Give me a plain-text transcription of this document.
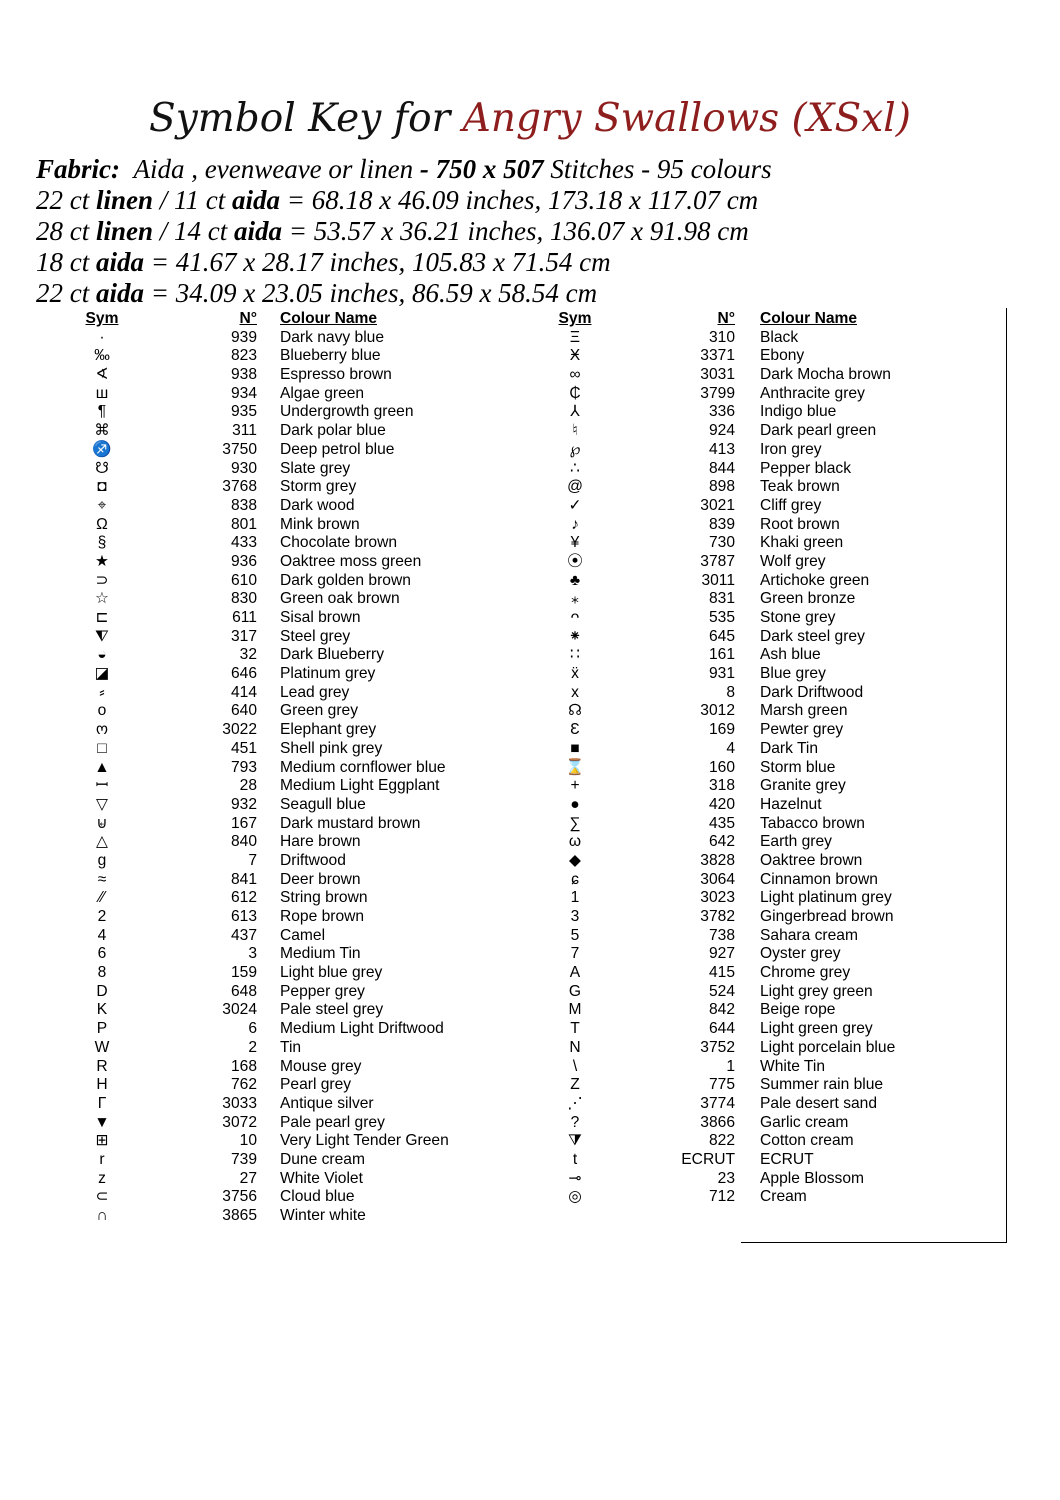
Symbol Key for Angry Swallows (XSxl)
Fabric: Aida , evenweave or linen - 750 x 507 Stitches - 95 colours
22 ct linen / 11 ct aida = 68.18 x 46.09 inches, 173.18 x 117.07 cm
28 ct linen / 14 ct aida = 53.57 x 36.21 inches, 136.07 x 91.98 cm
18 ct aida = 41.67 x 28.17 inches, 105.83 x 71.54 cm
22 ct aida = 34.09 x 23.05 inches, 86.59 x 58.54 cm
Sym	N° Colour Name
·	939 Dark navy blue
‰	823 Blueberry blue
∢	938 Espresso brown
ш	934 Algae green
¶	935 Undergrowth green
⌘	311 Dark polar blue
♐	3750 Deep petrol blue
☋	930 Slate grey
◘	3768 Storm grey
⌖	838 Dark wood
Ω	801 Mink brown
§	433 Chocolate brown
★	936 Oaktree moss green
⊃	610 Dark golden brown
☆	830 Green oak brown
⊏	611 Sisal brown
⧨	317 Steel grey
◒	32 Dark Blueberry
◪	646 Platinum grey
⸗	414 Lead grey
o	640 Green grey
ო	3022 Elephant grey
□	451 Shell pink grey
▲	793 Medium cornflower blue
ꟷ	28 Medium Light Eggplant
▽	932 Seagull blue
⊌	167 Dark mustard brown
△	840 Hare brown
g	7 Driftwood
≈	841 Deer brown
⁄⁄	612 String brown
2	613 Rope brown
4	437 Camel
6	3 Medium Tin
8	159 Light blue grey
D	648 Pepper grey
K	3024 Pale steel grey
P	6 Medium Light Driftwood
W	2 Tin
R	168 Mouse grey
H	762 Pearl grey
Γ	3033 Antique silver
▼	3072 Pale pearl grey
⊞	10 Very Light Tender Green
r	739 Dune cream
z	27 White Violet
⊂	3756 Cloud blue
∩	3865 Winter white
Sym	N° Colour Name
Ξ	310 Black
Ӿ	3371 Ebony
∞	3031 Dark Mocha brown
₵	3799 Anthracite grey
⅄	336 Indigo blue
♮	924 Dark pearl green
℘	413 Iron grey
∴	844 Pepper black
@	898 Teak brown
✓	3021 Cliff grey
♪	839 Root brown
¥	730 Khaki green
⦿	3787 Wolf grey
♣	3011 Artichoke green
⁎	831 Green bronze
ᴖ	535 Stone grey
⁕	645 Dark steel grey
∷	161 Ash blue
ẍ	931 Blue grey
x	8 Dark Driftwood
☊	3012 Marsh green
Ɛ	169 Pewter grey
■	4 Dark Tin
⌛	160 Storm blue
+	318 Granite grey
●	420 Hazelnut
∑	435 Tabacco brown
ω	642 Earth grey
◆	3828 Oaktree brown
ɕ	3064 Cinnamon brown
1	3023 Light platinum grey
3	3782 Gingerbread brown
5	738 Sahara cream
7	927 Oyster grey
A	415 Chrome grey
G	524 Light grey green
M	842 Beige rope
T	644 Light green grey
N	3752 Light porcelain blue
\	1 White Tin
Z	775 Summer rain blue
⋰	3774 Pale desert sand
?	3866 Garlic cream
⧩	822 Cotton cream
t	ECRUT ECRUT
⊸	23 Apple Blossom
◎	712 Cream
